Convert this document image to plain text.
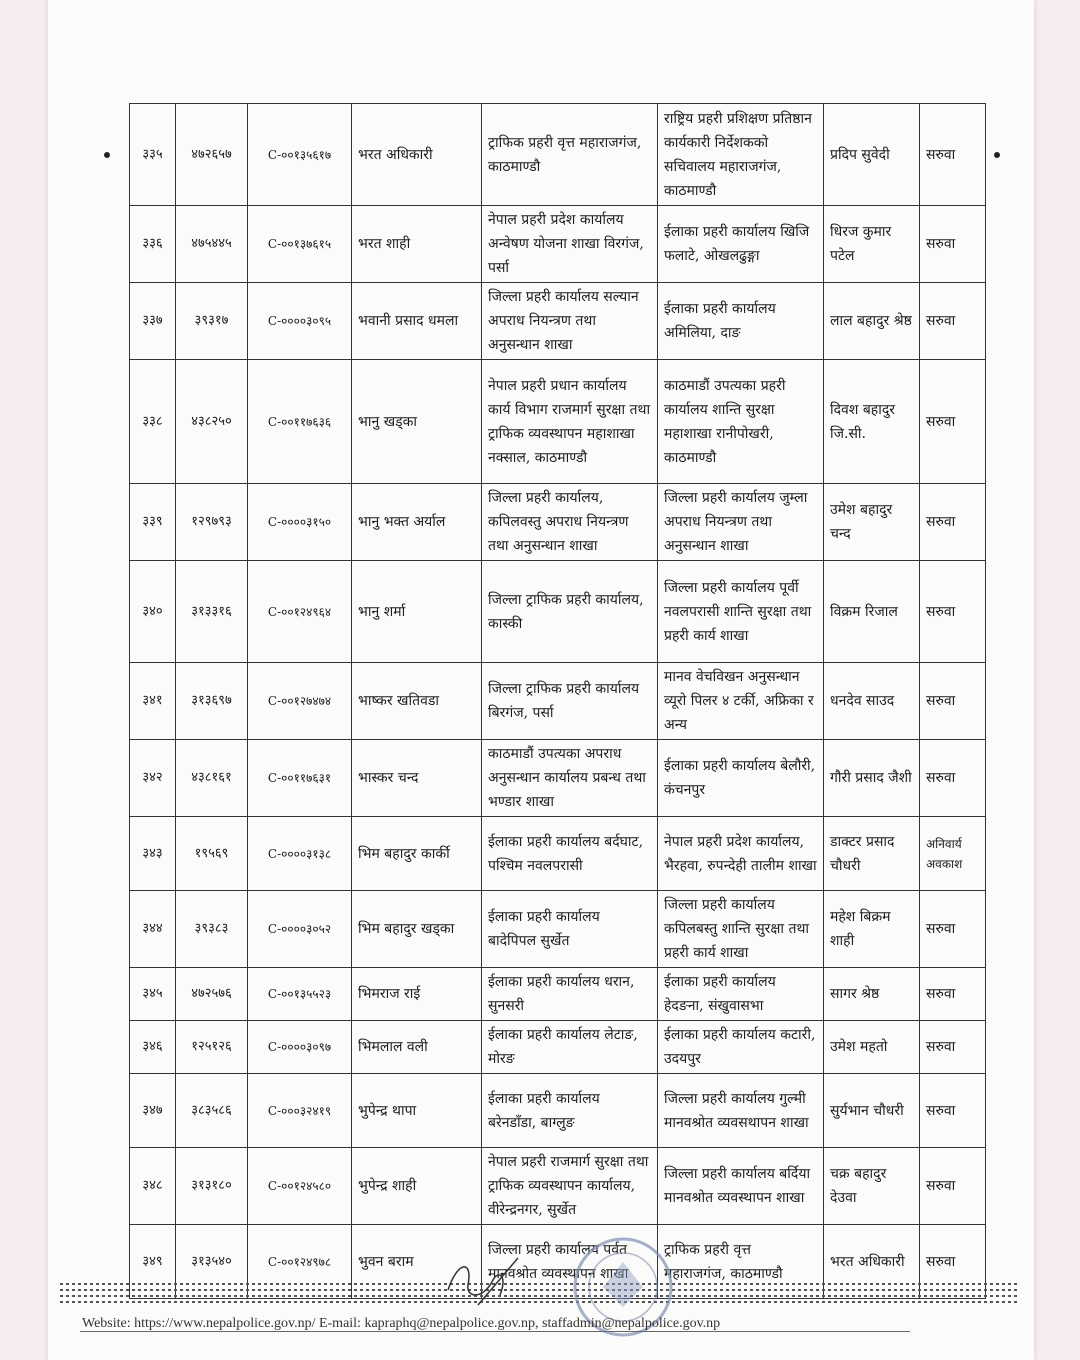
३३५	४७२६५७	C-००१३५६१७	भरत अधिकारी	ट्राफिक प्रहरी वृत्त महाराजगंज, काठमाण्डौ	राष्ट्रिय प्रहरी प्रशिक्षण प्रतिष्ठान कार्यकारी निर्देशकको सचिवालय महाराजगंज, काठमाण्डौ	प्रदिप सुवेदी	सरुवा
३३६	४७५४४५	C-००१३७६१५	भरत शाही	नेपाल प्रहरी प्रदेश कार्यालय अन्वेषण योजना शाखा विरगंज, पर्सा	ईलाका प्रहरी कार्यालय खिजि फलाटे, ओखलढुङ्गा	धिरज कुमार पटेल	सरुवा
३३७	३९३१७	C-००००३०९५	भवानी प्रसाद धमला	जिल्ला प्रहरी कार्यालय सल्यान अपराध नियन्त्रण तथा अनुसन्धान शाखा	ईलाका प्रहरी कार्यालय अमिलिया, दाङ	लाल बहादुर श्रेष्ठ	सरुवा
३३८	४३८२५०	C-००११७६३६	भानु खड्का	नेपाल प्रहरी प्रधान कार्यालय कार्य विभाग राजमार्ग सुरक्षा तथा ट्राफिक व्यवस्थापन महाशाखा नक्साल, काठमाण्डौ	काठमाडौं उपत्यका प्रहरी कार्यालय शान्ति सुरक्षा महाशाखा रानीपोखरी, काठमाण्डौ	दिवश बहादुर जि.सी.	सरुवा
३३९	१२९७९३	C-००००३१५०	भानु भक्त अर्याल	जिल्ला प्रहरी कार्यालय, कपिलवस्तु अपराध नियन्त्रण तथा अनुसन्धान शाखा	जिल्ला प्रहरी कार्यालय जुम्ला अपराध नियन्त्रण तथा अनुसन्धान शाखा	उमेश बहादुर चन्द	सरुवा
३४०	३१३३१६	C-००१२४९६४	भानु शर्मा	जिल्ला ट्राफिक प्रहरी कार्यालय, कास्की	जिल्ला प्रहरी कार्यालय पूर्वी नवलपरासी शान्ति सुरक्षा तथा प्रहरी कार्य शाखा	विक्रम रिजाल	सरुवा
३४१	३१३६९७	C-००१२७४७४	भाष्कर खतिवडा	जिल्ला ट्राफिक प्रहरी कार्यालय बिरगंज, पर्सा	मानव वेचविखन अनुसन्धान व्यूरो पिलर ४ टर्की, अफ्रिका र अन्य	धनदेव साउद	सरुवा
३४२	४३८१६१	C-००११७६३१	भास्कर चन्द	काठमाडौं उपत्यका अपराध अनुसन्धान कार्यालय प्रबन्ध तथा भण्डार शाखा	ईलाका प्रहरी कार्यालय बेलौरी, कंचनपुर	गौरी प्रसाद जैशी	सरुवा
३४३	१९५६९	C-००००३१३८	भिम बहादुर कार्की	ईलाका प्रहरी कार्यालय बर्दघाट, पश्चिम नवलपरासी	नेपाल प्रहरी प्रदेश कार्यालय, भैरहवा, रुपन्देही तालीम शाखा	डाक्टर प्रसाद चौधरी	अनिवार्य अवकाश
३४४	३९३८३	C-००००३०५२	भिम बहादुर खड्का	ईलाका प्रहरी कार्यालय बादेपिपल सुर्खेत	जिल्ला प्रहरी कार्यालय कपिलबस्तु शान्ति सुरक्षा तथा प्रहरी कार्य शाखा	महेश बिक्रम शाही	सरुवा
३४५	४७२५७६	C-००१३५५२३	भिमराज राई	ईलाका प्रहरी कार्यालय धरान, सुनसरी	ईलाका प्रहरी कार्यालय हेदङना, संखुवासभा	सागर श्रेष्ठ	सरुवा
३४६	१२५१२६	C-००००३०९७	भिमलाल वली	ईलाका प्रहरी कार्यालय लेटाङ, मोरङ	ईलाका प्रहरी कार्यालय कटारी, उदयपुर	उमेश महतो	सरुवा
३४७	३८३५८६	C-०००३२४१९	भुपेन्द्र थापा	ईलाका प्रहरी कार्यालय बरेनडाँडा, बाग्लुङ	जिल्ला प्रहरी कार्यालय गुल्मी मानवश्रोत व्यवसथापन शाखा	सुर्यभान चौधरी	सरुवा
३४८	३१३१८०	C-००१२४५८०	भुपेन्द्र शाही	नेपाल प्रहरी राजमार्ग सुरक्षा तथा ट्राफिक व्यवस्थापन कार्यालय, वीरेन्द्रनगर, सुर्खेत	जिल्ला प्रहरी कार्यालय बर्दिया मानवश्रोत व्यवस्थापन शाखा	चक्र बहादुर देउवा	सरुवा
३४९	३१३५४०	C-००१२४९७८	भुवन बराम	जिल्ला प्रहरी कार्यालय पर्वत मानवश्रोत व्यवस्थापन शाखा	ट्राफिक प्रहरी वृत्त महाराजगंज, काठमाण्डौ	भरत अधिकारी	सरुवा
Website: https://www.nepalpolice.gov.np/ E-mail: kapraphq@nepalpolice.gov.np, staffadmin@nepalpolice.gov.np
